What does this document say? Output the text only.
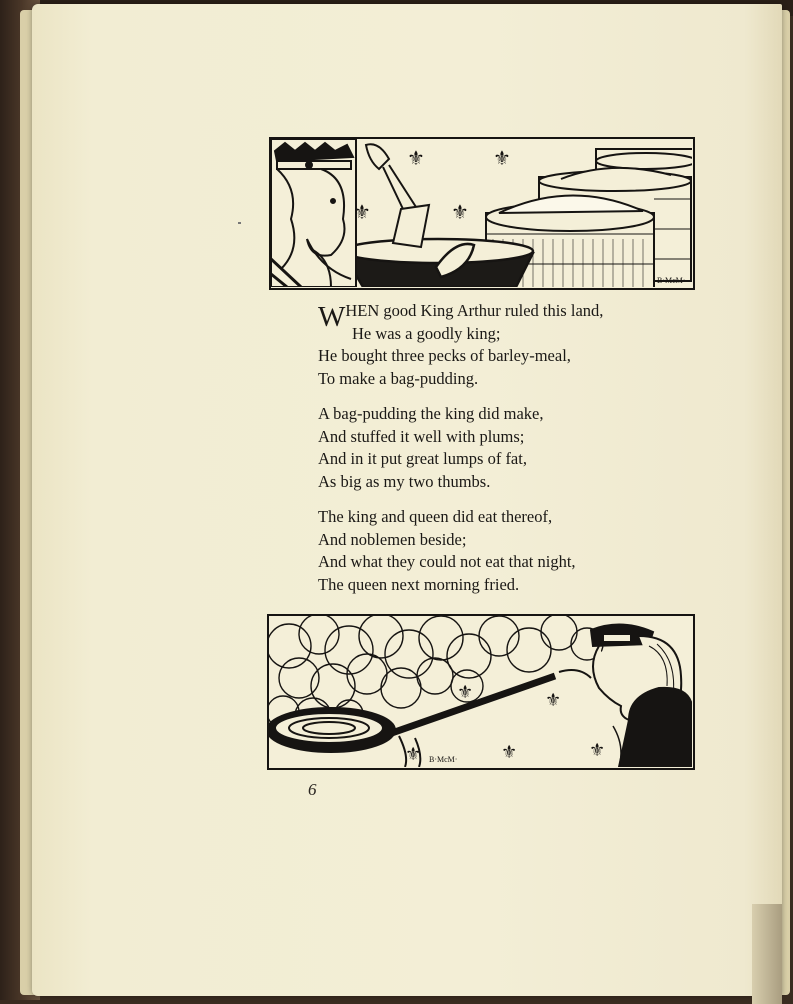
⚜	⚜
⚜	⚜
B·McM·
W HEN good King Arthur ruled this land,
He was a goodly king;
He bought three pecks of barley-meal,
To make a bag-pudding.
A bag-pudding the king did make,
And stuffed it well with plums;
And in it put great lumps of fat,
As big as my two thumbs.
The king and queen did eat thereof,
And noblemen beside;
And what they could not eat that night,
The queen next morning fried.
⚜	⚜
⚜	⚜	⚜
B·McM·
6
